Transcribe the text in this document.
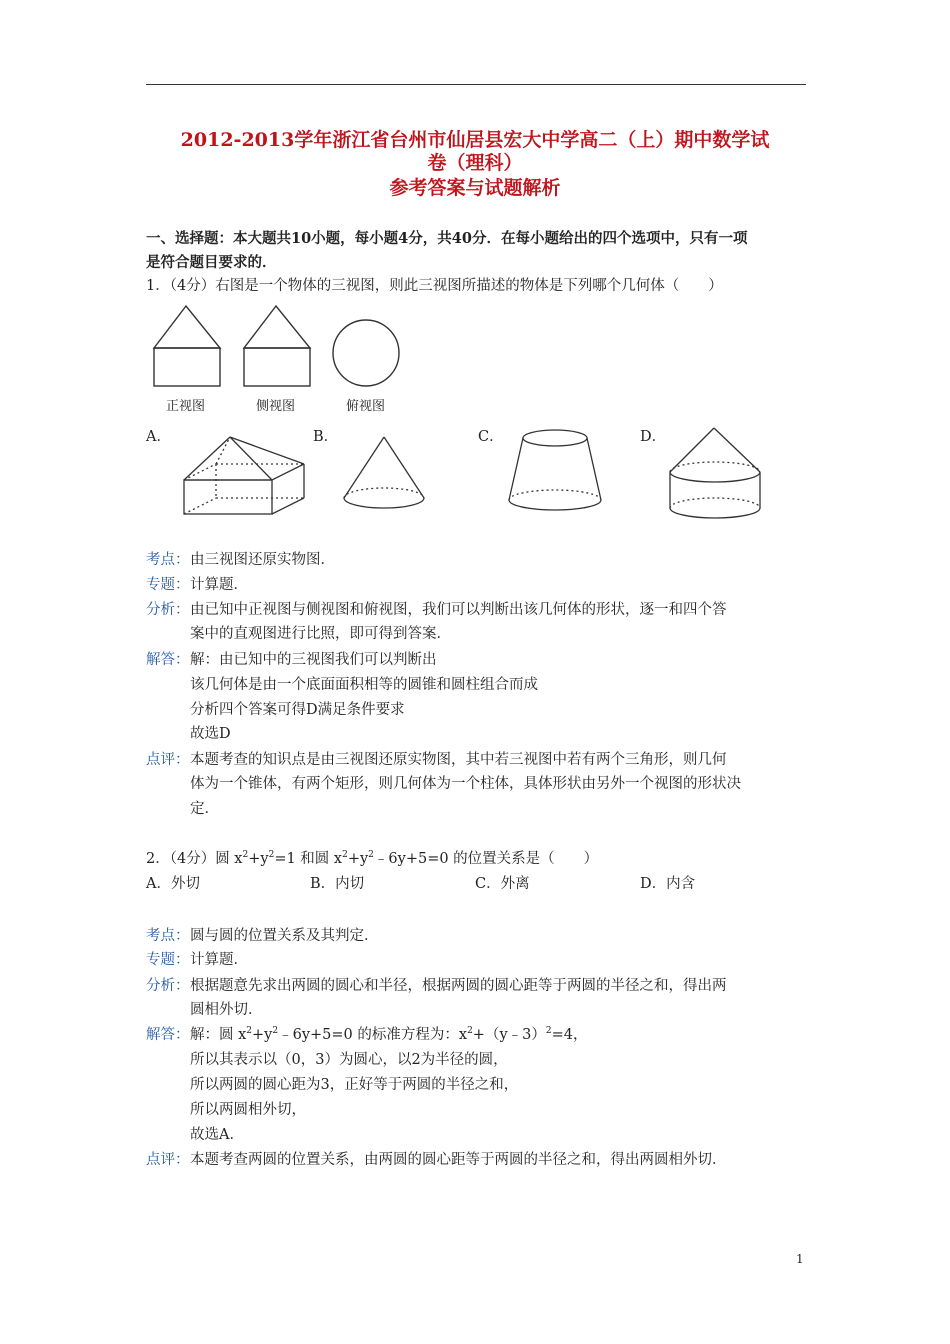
2012-2013学年浙江省台州市仙居县宏大中学高二（上）期中数学试
卷（理科）
参考答案与试题解析
一、选择题：本大题共10小题，每小题4分，共40分．在每小题给出的四个选项中，只有一项
是符合题目要求的．
1．（4分）右图是一个物体的三视图，则此三视图所描述的物体是下列哪个几何体（　　）
正视图	侧视图	俯视图
A．	B．	C．	D．
考点： 由三视图还原实物图．
专题： 计算题．
分析： 由已知中正视图与侧视图和俯视图，我们可以判断出该几何体的形状，逐一和四个答
案中的直观图进行比照，即可得到答案．
解答： 解：由已知中的三视图我们可以判断出
该几何体是由一个底面面积相等的圆锥和圆柱组合而成
分析四个答案可得D满足条件要求
故选D
点评： 本题考查的知识点是由三视图还原实物图，其中若三视图中若有两个三角形，则几何
体为一个锥体，有两个矩形，则几何体为一个柱体，具体形状由另外一个视图的形状决
定．
2．（4分）圆 $x^2+y^2=1$ 和圆 $x^2+y^2﹣6y+5=0$ 的位置关系是（　　）
A．外切	B．内切	C．外离	D．内含
考点： 圆与圆的位置关系及其判定．
专题： 计算题．
分析： 根据题意先求出两圆的圆心和半径，根据两圆的圆心距等于两圆的半径之和，得出两
圆相外切．
解答： 解：圆 $x^2+y^2﹣6y+5=0$ 的标准方程为：$x^2+(y﹣3)^2=4$，
所以其表示以（0，3）为圆心，以2为半径的圆，
所以两圆的圆心距为3，正好等于两圆的半径之和，
所以两圆相外切，
故选A．
点评： 本题考查两圆的位置关系，由两圆的圆心距等于两圆的半径之和，得出两圆相外切．
1
